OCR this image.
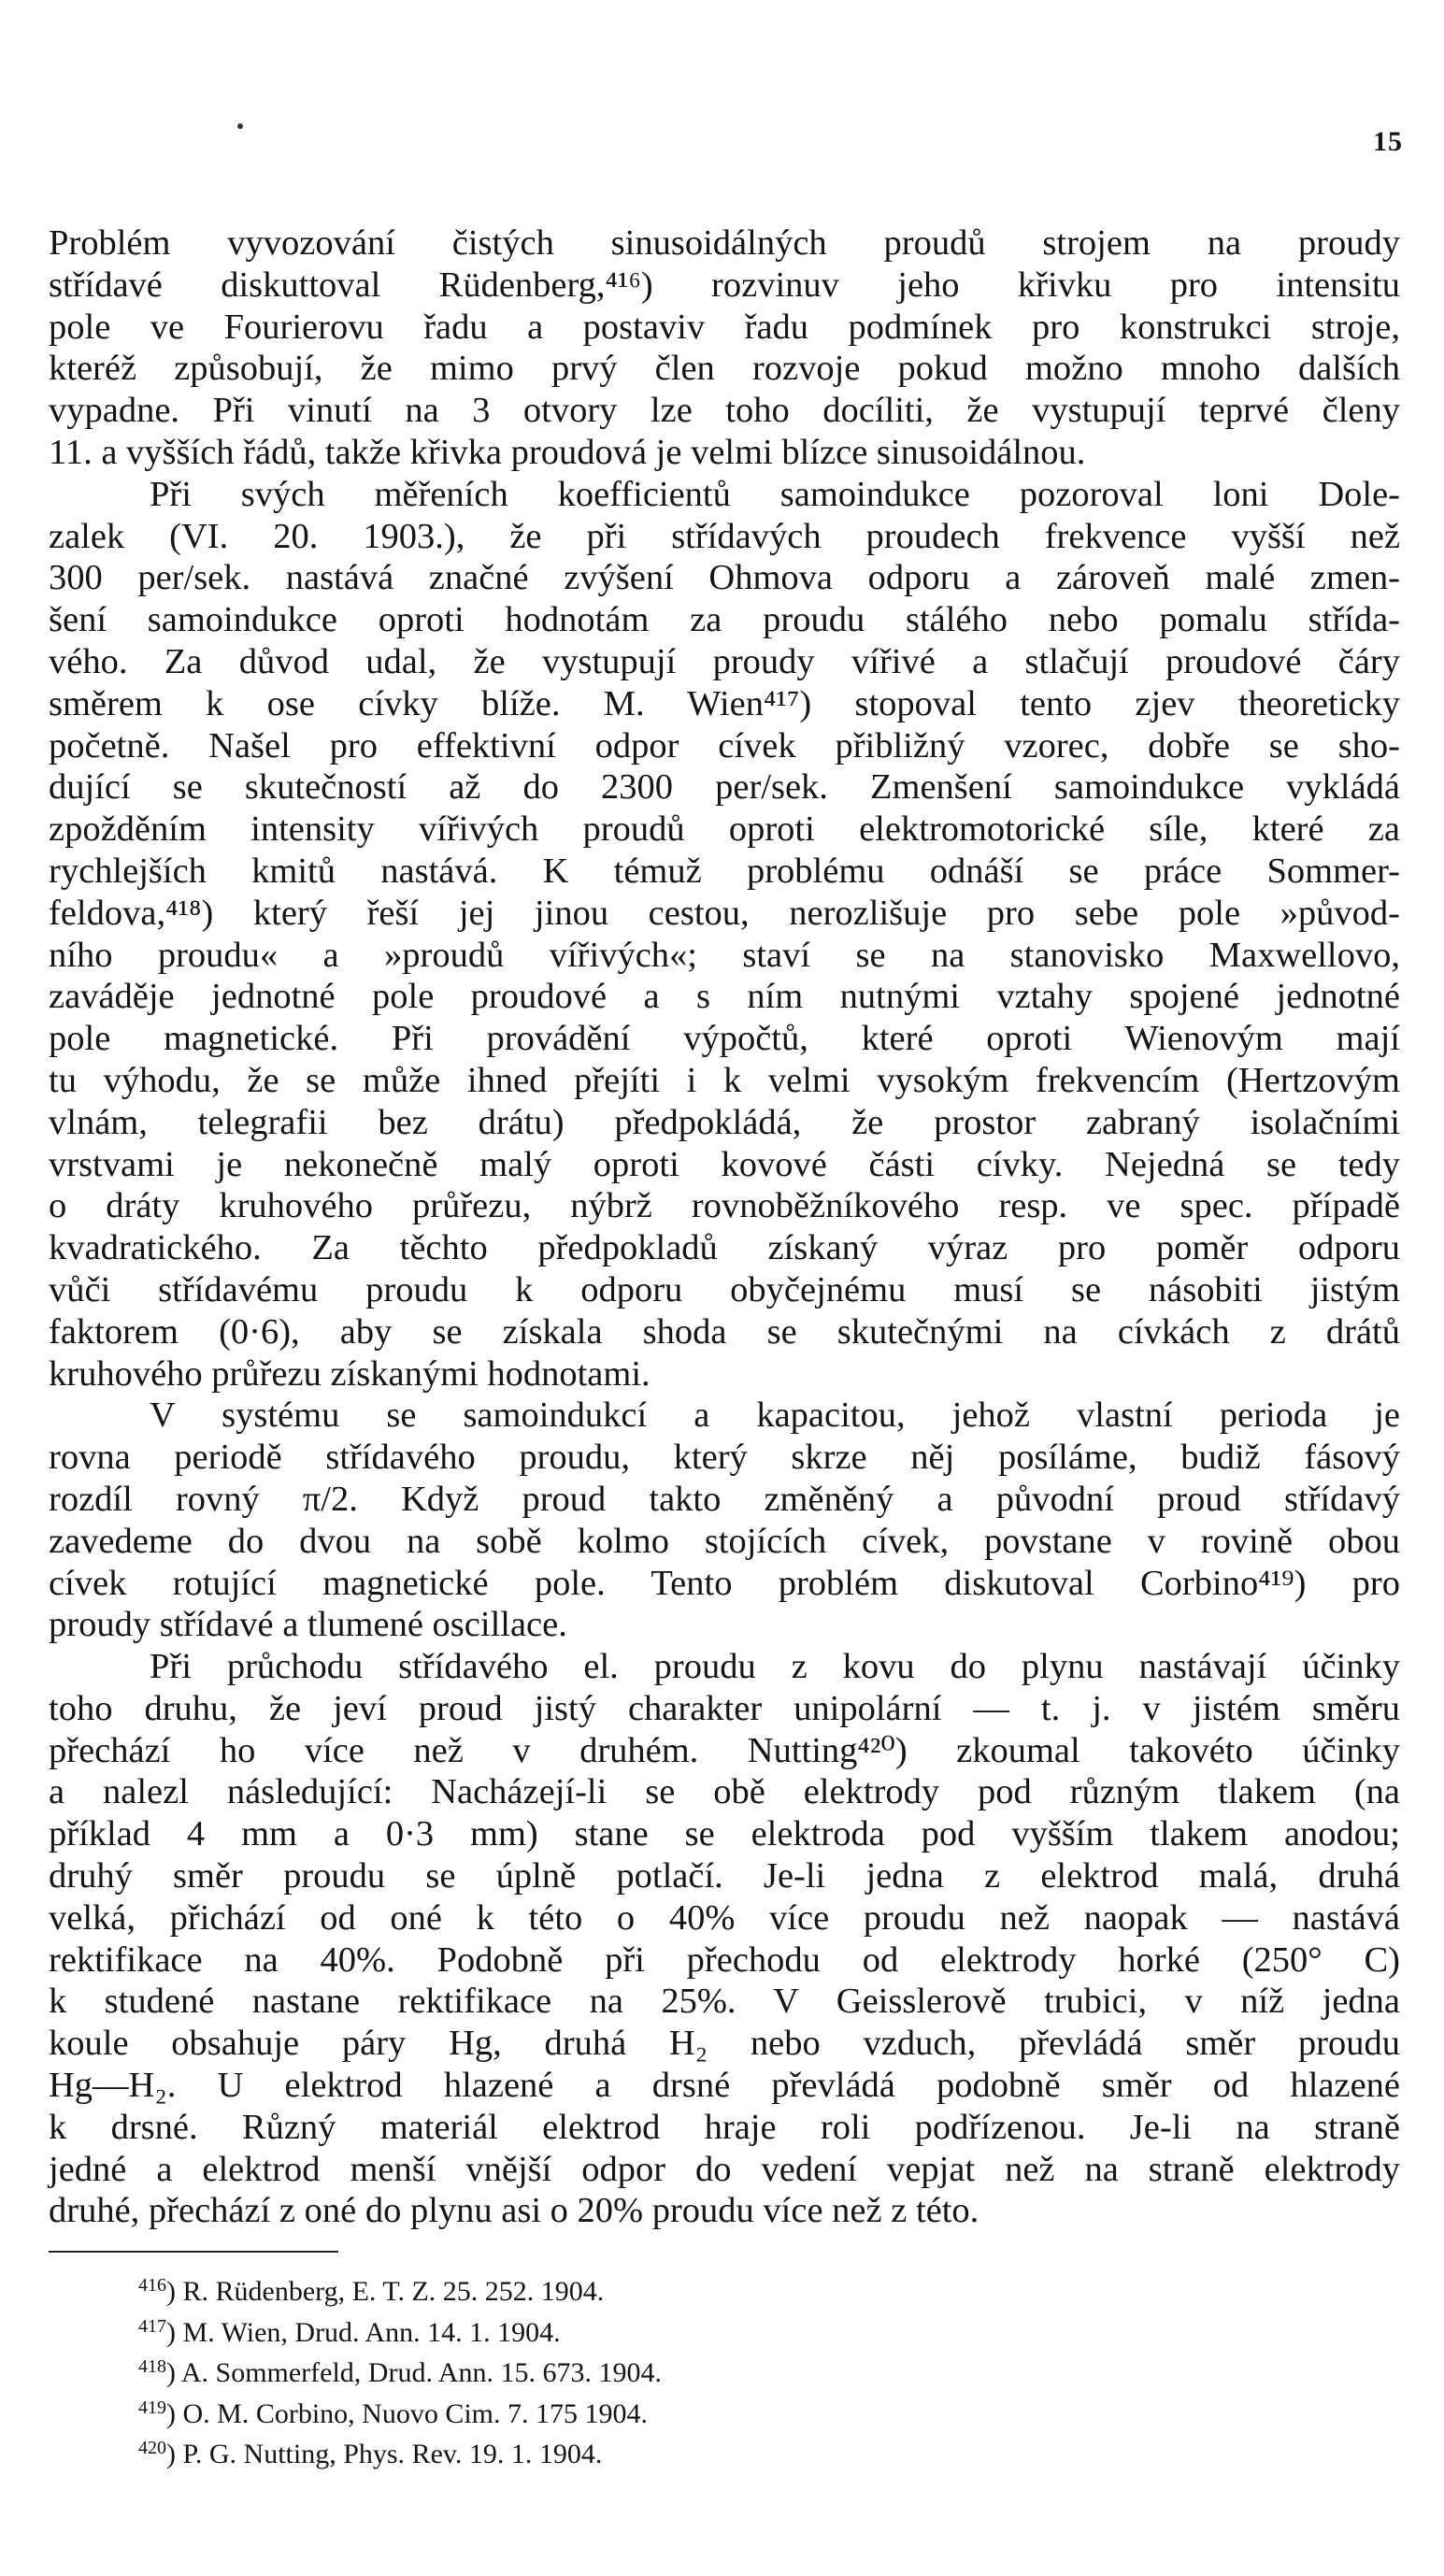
15
Problém vyvozování čistých sinusoidálných proudů strojem na proudy
střídavé diskuttoval Rüdenberg,⁴¹⁶) rozvinuv jeho křivku pro intensitu
pole ve Fourierovu řadu a postaviv řadu podmínek pro konstrukci stroje,
kteréž způsobují, že mimo prvý člen rozvoje pokud možno mnoho dalších
vypadne. Při vinutí na 3 otvory lze toho docíliti, že vystupují teprvé členy
11. a vyšších řádů, takže křivka proudová je velmi blízce sinusoidálnou.
Při svých měřeních koefficientů samoindukce pozoroval loni Dole-
zalek (VI. 20. 1903.), že při střídavých proudech frekvence vyšší než
300 per/sek. nastává značné zvýšení Ohmova odporu a zároveň malé zmen-
šení samoindukce oproti hodnotám za proudu stálého nebo pomalu střída-
vého. Za důvod udal, že vystupují proudy vířivé a stlačují proudové čáry
směrem k ose cívky blíže. M. Wien⁴¹⁷) stopoval tento zjev theoreticky
početně. Našel pro effektivní odpor cívek přibližný vzorec, dobře se sho-
dující se skutečností až do 2300 per/sek. Zmenšení samoindukce vykládá
zpožděním intensity vířivých proudů oproti elektromotorické síle, které za
rychlejších kmitů nastává. K témuž problému odnáší se práce Sommer-
feldova,⁴¹⁸) který řeší jej jinou cestou, nerozlišuje pro sebe pole »původ-
ního proudu« a »proudů vířivých«; staví se na stanovisko Maxwellovo,
zaváděje jednotné pole proudové a s ním nutnými vztahy spojené jednotné
pole magnetické. Při provádění výpočtů, které oproti Wienovým mají
tu výhodu, že se může ihned přejíti i k velmi vysokým frekvencím (Hertzovým
vlnám, telegrafii bez drátu) předpokládá, že prostor zabraný isolačními
vrstvami je nekonečně malý oproti kovové části cívky. Nejedná se tedy
o dráty kruhového průřezu, nýbrž rovnoběžníkového resp. ve spec. případě
kvadratického. Za těchto předpokladů získaný výraz pro poměr odporu
vůči střídavému proudu k odporu obyčejnému musí se násobiti jistým
faktorem (0·6), aby se získala shoda se skutečnými na cívkách z drátů
kruhového průřezu získanými hodnotami.
V systému se samoindukcí a kapacitou, jehož vlastní perioda je
rovna periodě střídavého proudu, který skrze něj posíláme, budiž fásový
rozdíl rovný π/2. Když proud takto změněný a původní proud střídavý
zavedeme do dvou na sobě kolmo stojících cívek, povstane v rovině obou
cívek rotující magnetické pole. Tento problém diskutoval Corbino⁴¹⁹) pro
proudy střídavé a tlumené oscillace.
Při průchodu střídavého el. proudu z kovu do plynu nastávají účinky
toho druhu, že jeví proud jistý charakter unipolární — t. j. v jistém směru
přechází ho více než v druhém. Nutting⁴²⁰) zkoumal takovéto účinky
a nalezl následující: Nacházejí-li se obě elektrody pod různým tlakem (na
příklad 4 mm a 0·3 mm) stane se elektroda pod vyšším tlakem anodou;
druhý směr proudu se úplně potlačí. Je-li jedna z elektrod malá, druhá
velká, přichází od oné k této o 40% více proudu než naopak — nastává
rektifikace na 40%. Podobně při přechodu od elektrody horké (250° C)
k studené nastane rektifikace na 25%. V Geisslerově trubici, v níž jedna
koule obsahuje páry Hg, druhá H₂ nebo vzduch, převládá směr proudu
Hg—H₂. U elektrod hlazené a drsné převládá podobně směr od hlazené
k drsné. Různý materiál elektrod hraje roli podřízenou. Je-li na straně
jedné a elektrod menší vnější odpor do vedení vepjat než na straně elektrody
druhé, přechází z oné do plynu asi o 20% proudu více než z této.
$^{416}$) R. Rüdenberg, E. T. Z. 25. 252. 1904.
$^{417}$) M. Wien, Drud. Ann. 14. 1. 1904.
$^{418}$) A. Sommerfeld, Drud. Ann. 15. 673. 1904.
$^{419}$) O. M. Corbino, Nuovo Cim. 7. 175 1904.
$^{420}$) P. G. Nutting, Phys. Rev. 19. 1. 1904.
